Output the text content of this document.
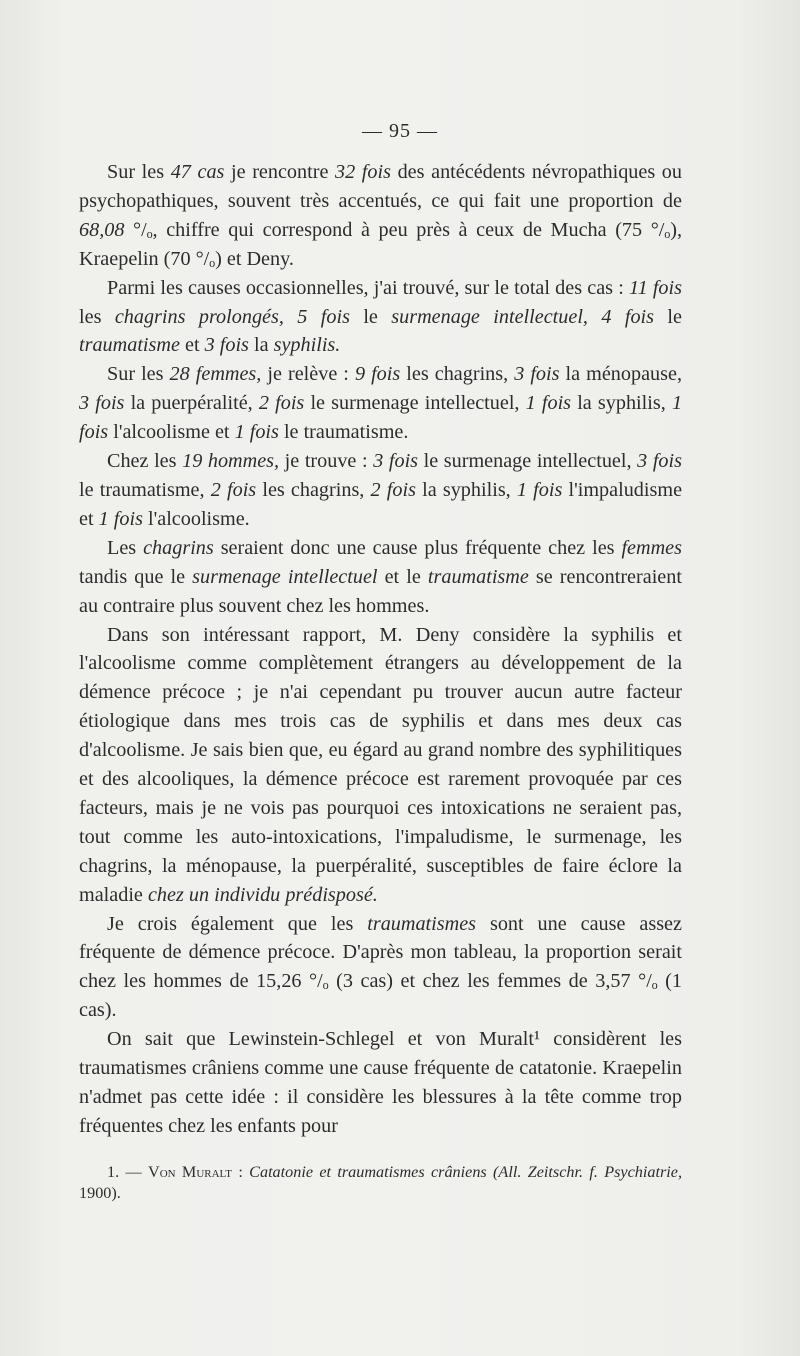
— 95 —

Sur les 47 cas je rencontre 32 fois des antécédents névropathiques ou psychopathiques, souvent très accentués, ce qui fait une proportion de 68,08 °/ₒ, chiffre qui correspond à peu près à ceux de Mucha (75 °/ₒ), Kraepelin (70 °/ₒ) et Deny.

Parmi les causes occasionnelles, j'ai trouvé, sur le total des cas : 11 fois les chagrins prolongés, 5 fois le surmenage intellectuel, 4 fois le traumatisme et 3 fois la syphilis.

Sur les 28 femmes, je relève : 9 fois les chagrins, 3 fois la ménopause, 3 fois la puerpéralité, 2 fois le surmenage intellectuel, 1 fois la syphilis, 1 fois l'alcoolisme et 1 fois le traumatisme.

Chez les 19 hommes, je trouve : 3 fois le surmenage intellectuel, 3 fois le traumatisme, 2 fois les chagrins, 2 fois la syphilis, 1 fois l'impaludisme et 1 fois l'alcoolisme.

Les chagrins seraient donc une cause plus fréquente chez les femmes tandis que le surmenage intellectuel et le traumatisme se rencontreraient au contraire plus souvent chez les hommes.

Dans son intéressant rapport, M. Deny considère la syphilis et l'alcoolisme comme complètement étrangers au développement de la démence précoce ; je n'ai cependant pu trouver aucun autre facteur étiologique dans mes trois cas de syphilis et dans mes deux cas d'alcoolisme. Je sais bien que, eu égard au grand nombre des syphilitiques et des alcooliques, la démence précoce est rarement provoquée par ces facteurs, mais je ne vois pas pourquoi ces intoxications ne seraient pas, tout comme les auto-intoxications, l'impaludisme, le surmenage, les chagrins, la ménopause, la puerpéralité, susceptibles de faire éclore la maladie chez un individu prédisposé.

Je crois également que les traumatismes sont une cause assez fréquente de démence précoce. D'après mon tableau, la proportion serait chez les hommes de 15,26 °/ₒ (3 cas) et chez les femmes de 3,57 °/ₒ (1 cas).

On sait que Lewinstein-Schlegel et von Muralt¹ considèrent les traumatismes crâniens comme une cause fréquente de catatonie. Kraepelin n'admet pas cette idée : il considère les blessures à la tête comme trop fréquentes chez les enfants pour

1. — Von Muralt : Catatonie et traumatismes crâniens (All. Zeitschr. f. Psychiatrie, 1900).
